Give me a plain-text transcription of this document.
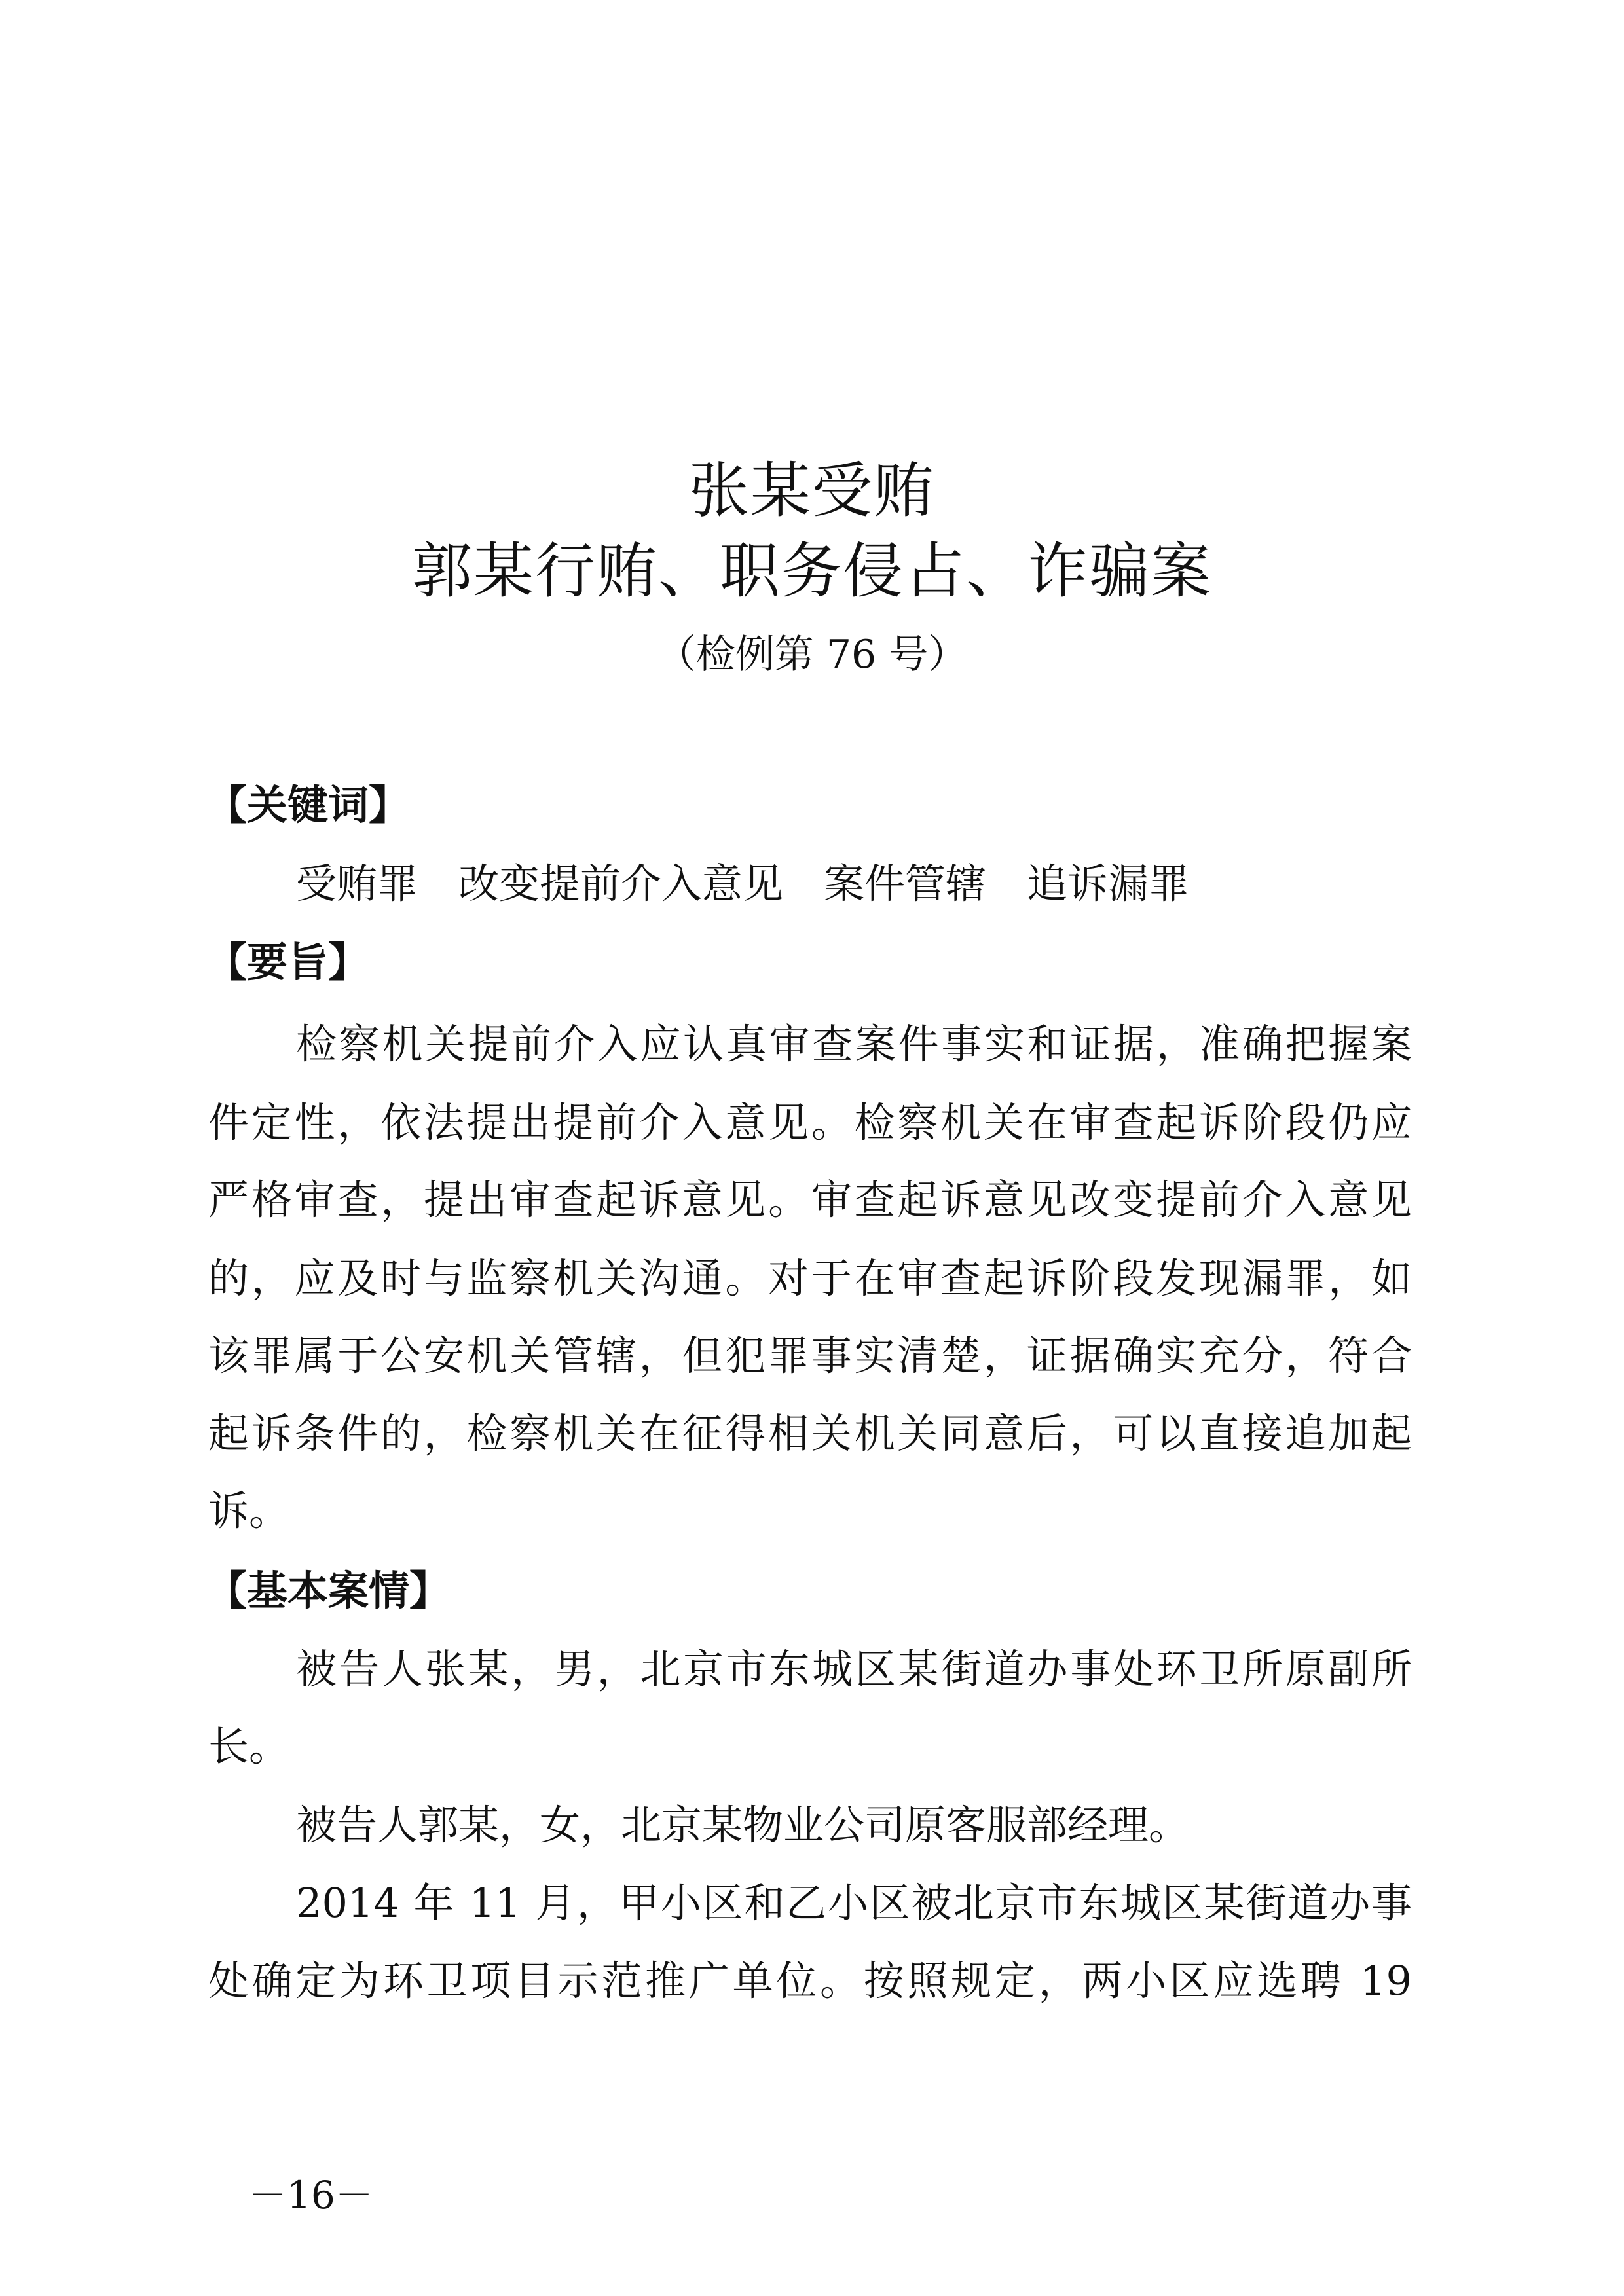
张某受贿
郭某行贿、职务侵占、诈骗案
（检例第 76 号）
【关键词】
受贿罪　改变提前介入意见　案件管辖　追诉漏罪
【要旨】
检察机关提前介入应认真审查案件事实和证据，准确把握案
件定性，依法提出提前介入意见。检察机关在审查起诉阶段仍应
严格审查，提出审查起诉意见。审查起诉意见改变提前介入意见
的，应及时与监察机关沟通。对于在审查起诉阶段发现漏罪，如
该罪属于公安机关管辖，但犯罪事实清楚，证据确实充分，符合
起诉条件的，检察机关在征得相关机关同意后，可以直接追加起
诉。
【基本案情】
被告人张某，男，北京市东城区某街道办事处环卫所原副所
长。
被告人郭某，女，北京某物业公司原客服部经理。
2014 年 11 月，甲小区和乙小区被北京市东城区某街道办事
处确定为环卫项目示范推广单位。按照规定，两小区应选聘 19
－16－
